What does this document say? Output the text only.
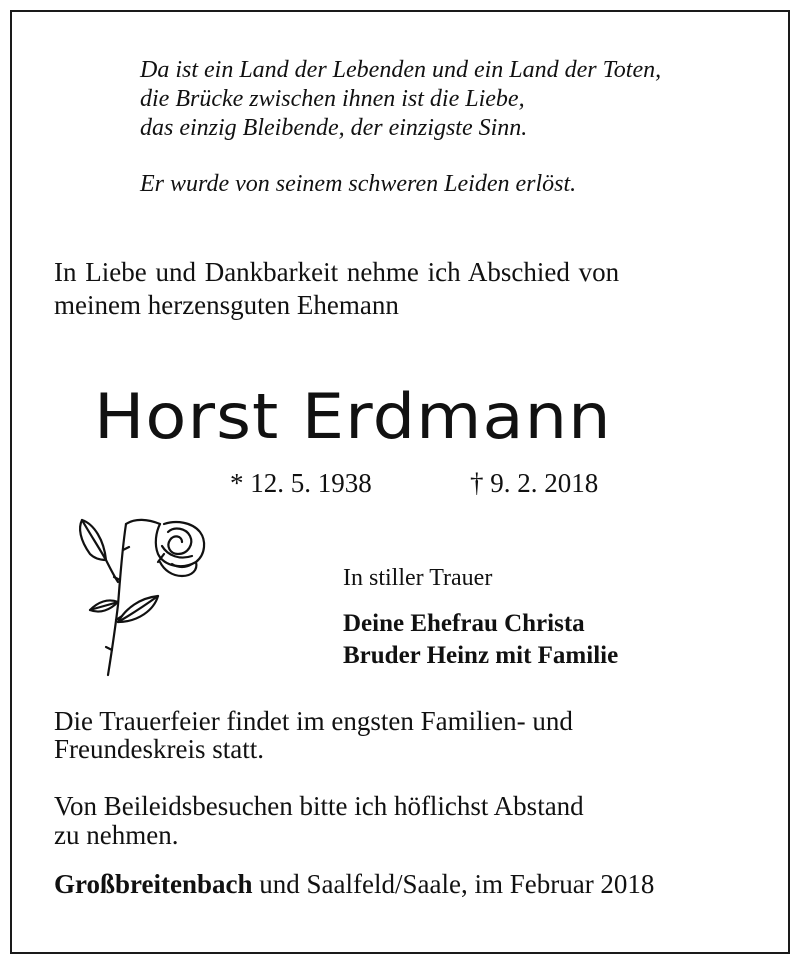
Da ist ein Land der Lebenden und ein Land der Toten,
die Brücke zwischen ihnen ist die Liebe,
das einzig Bleibende, der einzigste Sinn.
Er wurde von seinem schweren Leiden erlöst.
In Liebe und Dankbarkeit nehme ich Abschied von
meinem herzensguten Ehemann
Horst Erdmann
* 12. 5. 1938	† 9. 2. 2018
In stiller Trauer
Deine Ehefrau Christa
Bruder Heinz mit Familie
Die Trauerfeier findet im engsten Familien- und
Freundeskreis statt.
Von Beileidsbesuchen bitte ich höflichst Abstand
zu nehmen.
Großbreitenbach und Saalfeld/Saale, im Februar 2018
